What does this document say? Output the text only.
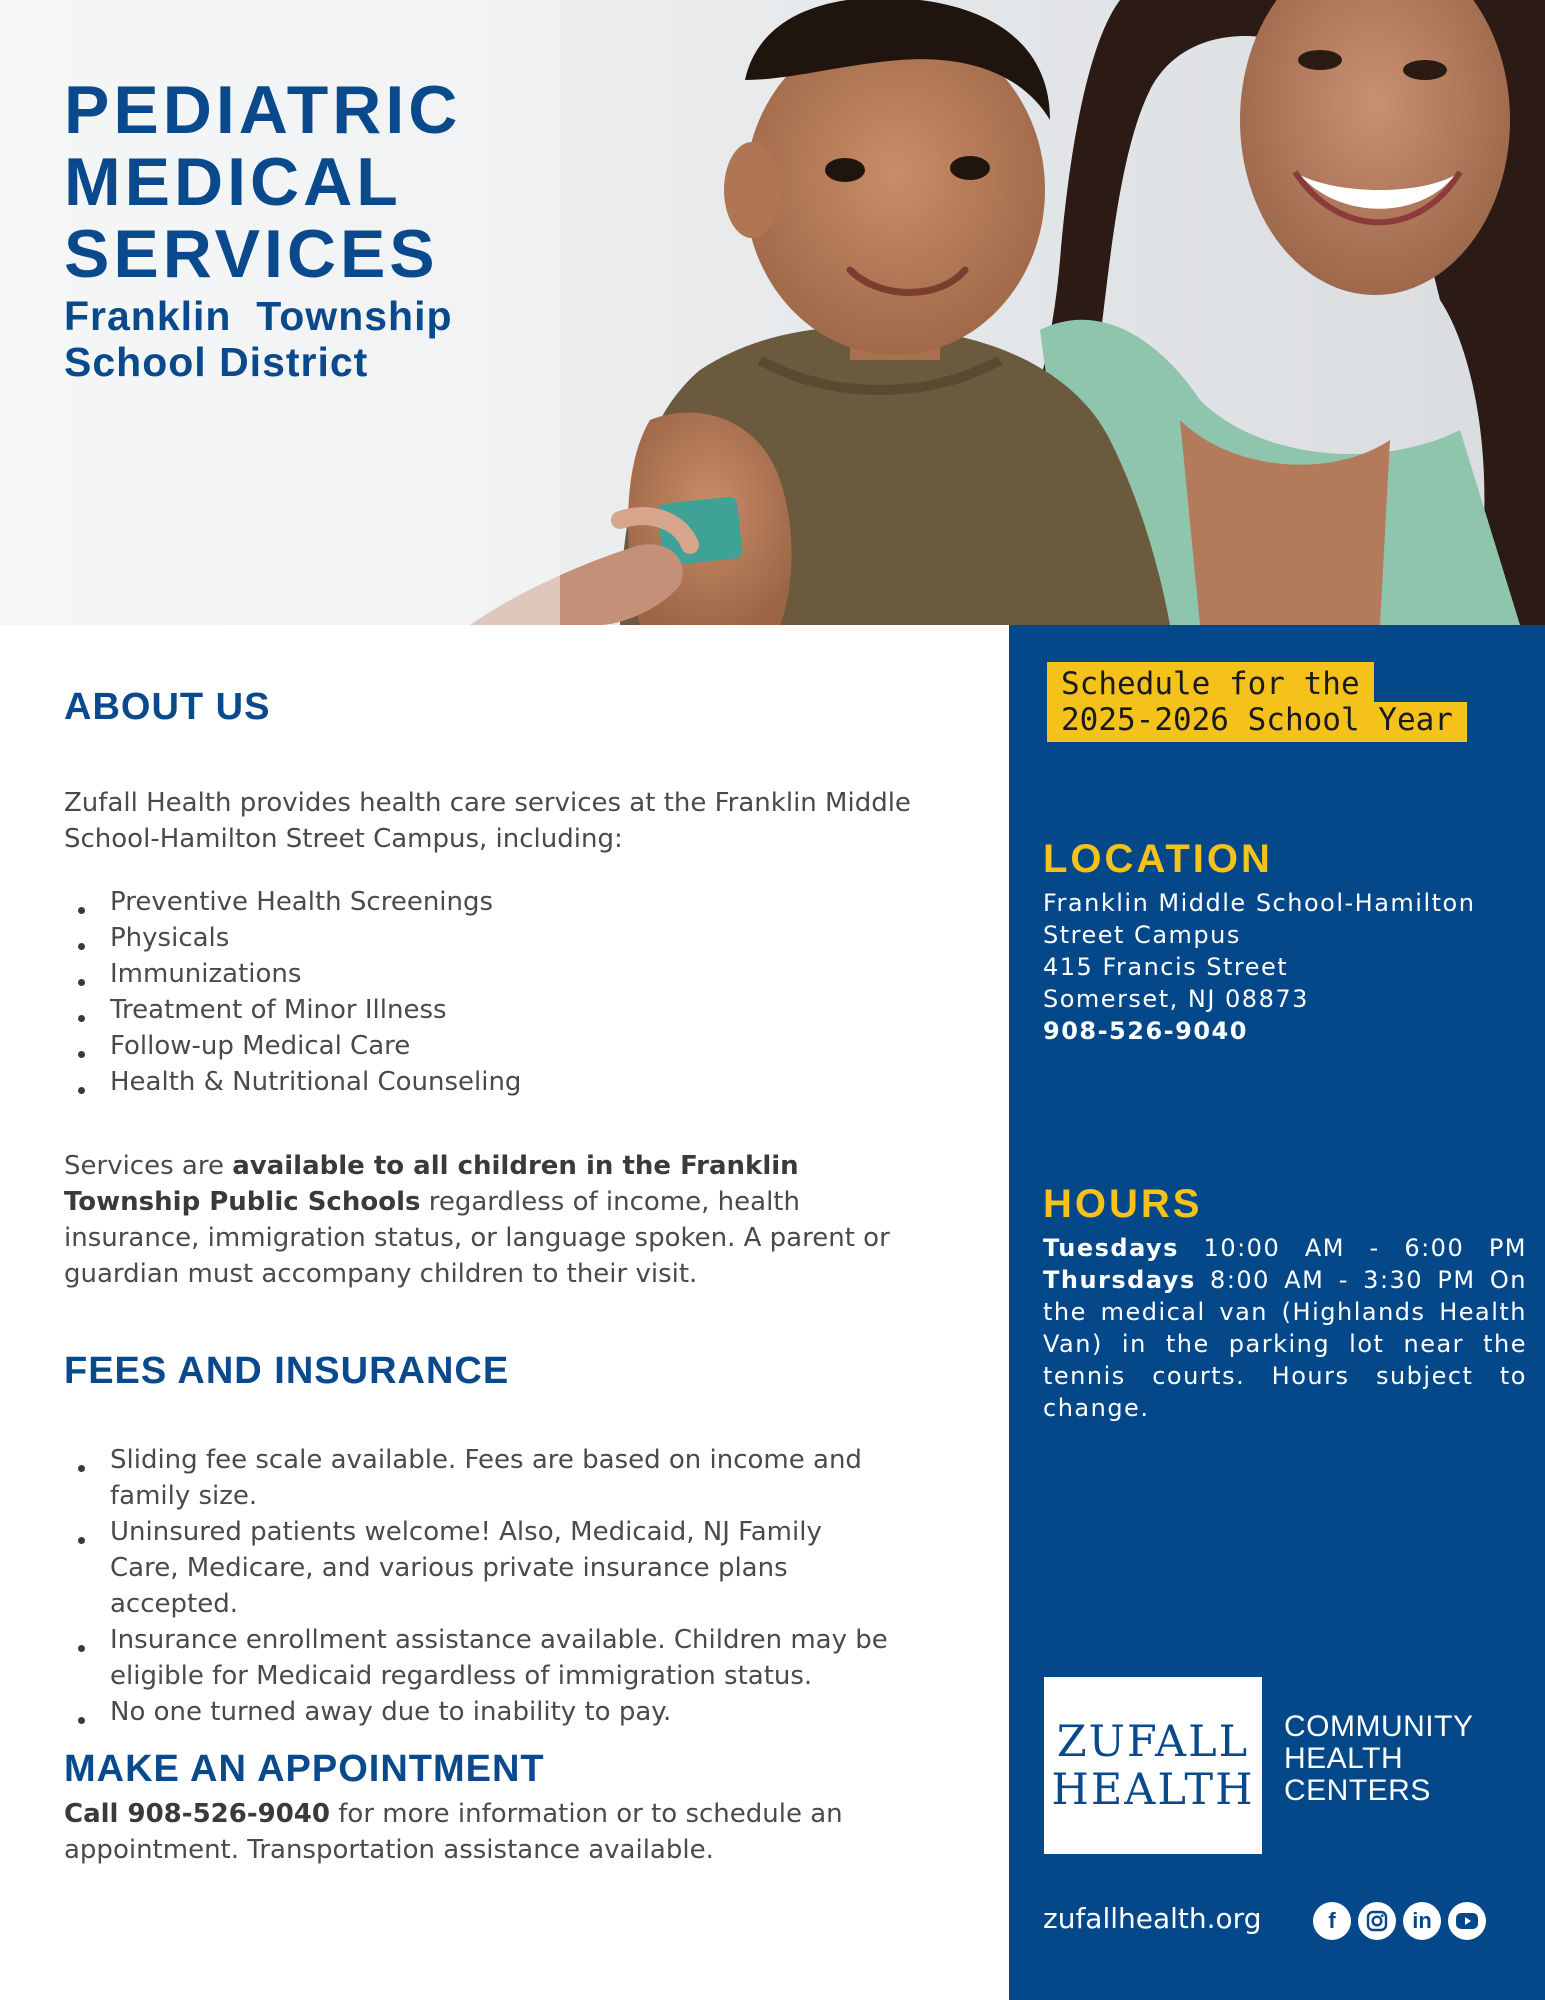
PEDIATRIC
MEDICAL
SERVICES
Franklin  Township
School District
ABOUT US

Zufall Health provides health care services at the Franklin Middle
School-Hamilton Street Campus, including:

Preventive Health Screenings
Physicals
Immunizations
Treatment of Minor Illness
Follow-up Medical Care
Health & Nutritional Counseling

Services are available to all children in the Franklin Township Public Schools regardless of income, health insurance, immigration status, or language spoken. A parent or guardian must accompany children to their visit.

FEES AND INSURANCE
Sliding fee scale available. Fees are based on income and family size.
Uninsured patients welcome! Also, Medicaid, NJ Family Care, Medicare, and various private insurance plans accepted.
Insurance enrollment assistance available. Children may be eligible for Medicaid regardless of immigration status.
No one turned away due to inability to pay.
MAKE AN APPOINTMENT

Call 908-526-9040 for more information or to schedule an appointment. Transportation assistance available.

Schedule for the
2025-2026 School Year
LOCATION
Franklin Middle School-Hamilton
Street Campus
415 Francis Street
Somerset, NJ 08873
908-526-9040
HOURS
Tuesdays 10:00 AM - 6:00 PM Thursdays 8:00 AM - 3:30 PM On the medical van (Highlands Health Van) in the parking lot near the tennis courts. Hours subject to change.
ZUFALL
HEALTH
COMMUNITY
HEALTH
CENTERS
zufallhealth.org	f	in
